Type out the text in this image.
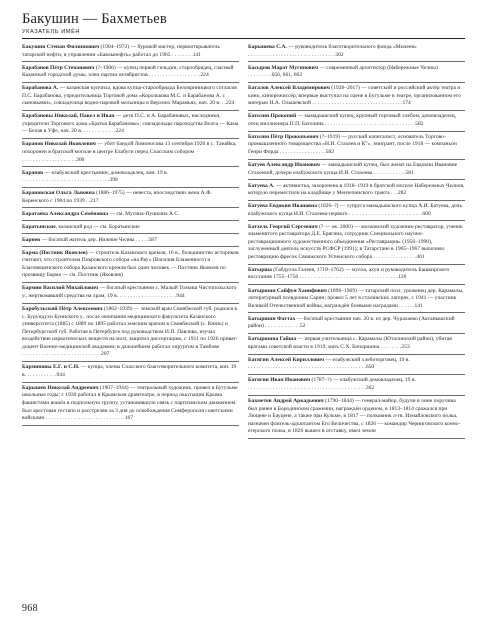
Бакушин — Бахметьев
УКАЗАТЕЛЬ ИМЁН
Бакушин Степан Филиппович (1904–1972) — буровой мастер, первооткрыватель татарской нефти, в управлении «Бавлынефть» работал до 1965 . . . . . . . .141
Барабанов Пётр Степанович (?–1906) — купец первой гильдии, старообрядец, гласный Казанской городской думы, член партии октябристов . . . . . . . . . . . . . . . . . . .224
Барабанова А. — казанская купчиха, вдова купца-старообрядца Белокриницкого согласия П.С. Барабанова, учредительница Торговой дома «Королькова М.С. и Барабанова А. с сыновьями», совладелица водно-паровой мельницы в Верхних Марамьях, нач. 20 в. . .224
Барабановы Николай, Павел и Иван — дети П.С. и А. Барабановых, наследники, учредители Торгового дома «Братья Барабановы»; совладельцы пароходства Волга — Кама — Белая в Уфе, нач. 20 в. . . . . . . . . . . . .224
Баранов Николай Яковлевич — убит бандой Ломоносова 13 сентября 1920 в с. Танайка, похоронен в братской могиле в центре Елабуги перед Спасским собором . . . . . . . . . . . . . . . . . . . .300
Баранов — елабужский крестьянин, домовладелец, кон. 19 в. . . . . . . . . . . . . . . . . . . . . . . . . . . . . . . . .390
Барановская Ольга Львовна (1886–1975) — невеста, впоследствии жена А.Ф. Керенского с 1904 по 1939 . .217
Баратаева Александра Семёновна — см. Мусина-Пушкина А.С.
Баратынские, казанский род — см. Боратынские
Барнев — богатый житель дер. Нижние Челны . . . . .587
Барма (Постник Яковлев) — строитель Казанского кремля, 16 в., большинство историков считают, что строителем Покровского собора «на Рву» (Василия Блаженного) и Благовещенского собора Казанского кремля был один человек — Постник Яковлев по прозвищу Барма — см. Постник (Яковлев)
Бармин Василий Михайлович — богатый крестьянин с. Малый Толкиш Чистопольского у., жертвовавший средства на храм, 19 в. . . . . . . . . . . . . . . . . . . . . .944
Баробульский Пётр Алексеевич (1862–1939) — земский врач Свиябжской губ. родился в с. Буруидухи Буинского у., после окончания медицинского факультета Казанского университета (1885) с 1889 по 1895 работал земским врачом в Свиябжской (с. Князь) и Петербургской губ. Работая в Петербурге под руководством И.П. Павлова, изучал воздействие наркотических веществ на мозг, защитил диссертацию, с 1911 по 1926 приват-доцент Военно-медицинской академии; в дальнейшем работал хирургом в Тамбове . . . . . . . . . . . . . . . . . . . . . . . . . . . . .207
Барминовы Е.Г. и С.Н. — купцы, члены Спасского благотворительного комитета, кон. 19 в. . . . . . . . . . . .944
Барышев Николай Андреевич (1907–1944) — театральный художник, провел в Бугульме школьные годы; с 1930 работал в Крымском драмтеатре, в период оккупации Крыма фашистами вошёл в подпольную группу, установившую связь с партизанским движением. Был арестован гестапо и расстрелян за 3 дня до освобождения Симферополя советскими войсками . . . . . . . . . . . . . . . . . . . . . . . . . . . . .167
Барышева С.А. — руководитель благотворительного фонда «Милеев» . . . . . . . . . . . . . . . . . . . . . . . . . . . . . . . .302
Басыров Марат Мугинович — современный архитектор (Набережные Челны) . . . . . . . . .656, 661, 662
Баталов Алексей Владимирович (1928–2017) — советский и российский актёр театра и кино, кинорежиссёр, впервые выступал на сцене в Бугульме в театре, организованном его матерью Н.А. Ольшевской . . . . . . . . . . . . . . . . . . . . . . . . . . . . . . . . .174
Батолин Прокопий — мамадышский купец, крупный торговый хлебом, домовладелец, отец миллионера П.П. Батолина . . . . . . . . . . . . . . . . . . . . . . . . . . . . . . . . .582
Батолин Пётр Прокопьевич (?–1919) — русский капиталист, основатель Торгово-промышленного товарищества «Н.И. Стахеев и К°», эмигрант, после 1918 — компаньон Генри Форда . . . . . . . . . . . . . . . . .582
Батуев Александр Иванович — мамадышский купец, был женат на Евдокии Ивановне Стахеевой, дочери елабужского купца И.И. Стахеева . . . . . . . . . . . .581
Батуева А. — активистка, захоронена в 1918–1919 в братской могиле Набережных Челнов, которую переместили на кладбище у Мензелинского тракта . . .282
Батуева Евдокия Ивановна (1826–?) — супруга мамадышского купца А.И. Батуева, дочь елабужского купца И.И. Стахеева-первого . . . . . . . . . . . . . . . . . . . . . . . . . . .600
Батхель Георгий Сергеевич (? — ок. 2000) — московский художник-реставратор, ученик знаменитого реставратора Д.Е. Брягина, сотрудник Специального научно-реставрационного художественного объединения «Реставрация» (1956–1990), заслуженный деятель искусств РСФСР (1991); в Татарстане в 1965–1967 выполнял реставрацию фресок Свияжского Успенского собора . . . . . . . . . . . . . . . .461
Батырша (Габдулла Галеев, 1710–1762) — мулла, ахун и руководитель Башкирского восстания 1755–1756 . . . . . . . . . . . . . . . . . . . . . . . . . . . . . . . . . . . .126
Батыршин Сайфун Ханифович (1896–1969) — татарский поэт, уроженец дер. Карамалы, литературный псевдоним Сарин; провел 5 лет в сталинских лагерях, с 1941 — участник Великой Отечественной войны, награждён боевыми наградами . . . . . .141
Батыршин Фаттах — богатый крестьянин нач. 20 в. из дер. Чурахаево (Актанышский район) . . . . . . . . . . . . .52
Батыршина Гайша — первая учительница с. Карамалы (Юталинский район), убитая врагами советской власти в 1919, мать С.Х. Батыршина . . . . . . . .253
Батягин Алексей Кириллович — елабужский хлеботорговец, 19 в. . . . . . . . . . . . . . . . . . . . . . . . . . . . . . . . . . . . . . . . . . . .650
Батягин Иван Иванович (1787–?) — елабужский домовладелец, 19 в. . . . . . . . . . . . . . . . . . . . . . . . . . . . . . . . . . . . . . . . . . . .362
Бахметев Андрей Аркадьевич (1790–1844) — генерал-майор, будучи в чине поручика был ранен в Бородинском сражении, награждён орденом, в 1813–1814 сражался при Люцене и Бауцене, а также при Кульме, в 1817 — полковник л-гв. Измайловского полка, назначен флигель-адъютантом Его Величества, с 1826 — командир Черниговского конно-егерского полка, в 1826 вышел в отставку, имел земли
968
